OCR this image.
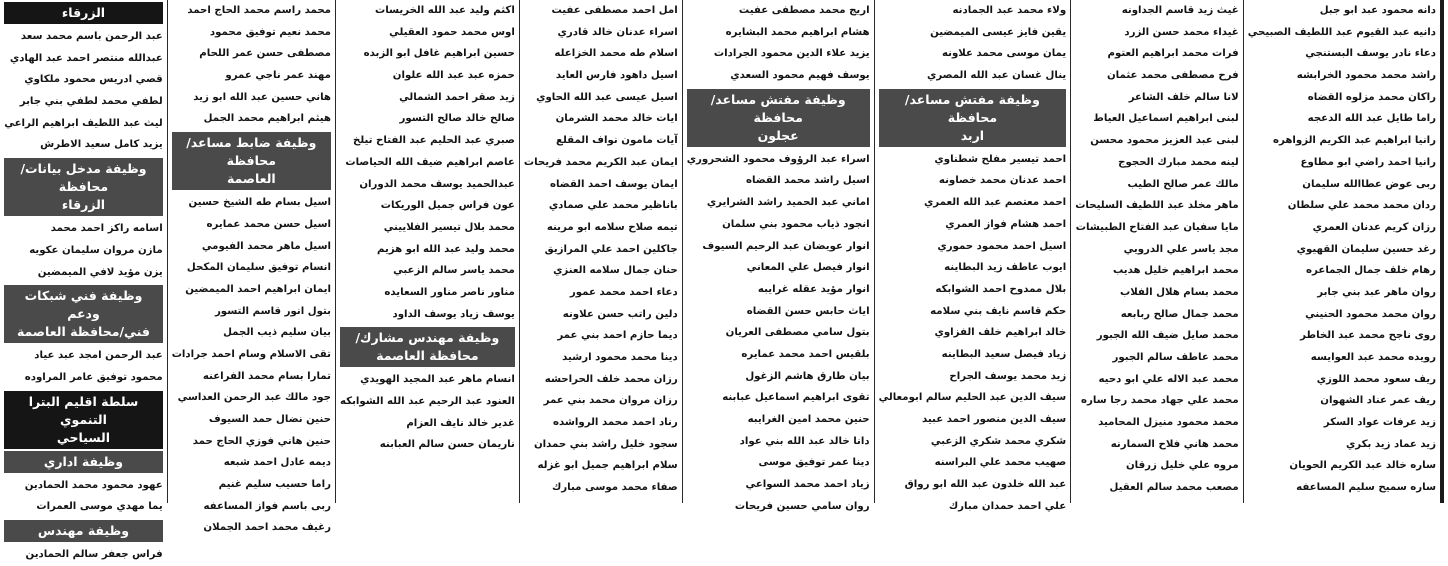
دانه محمود عبد ابو جبل
دانيه عبد القيوم عبد اللطيف الصبيحي
دعاء نادر يوسف البستنجي
راشد محمد محمود الخرابشه
راكان محمد مزلوه القضاه
راما طايل عبد الله الدعجه
رانيا ابراهيم عبد الكريم الزواهره
رانيا احمد راضي ابو مطاوع
ربى عوض عطاالله سليمان
ردان محمد محمد علي سلطان
رزان كريم عدنان العمري
رغد حسين سليمان القهيوي
رهام خلف جمال الجماعره
روان ماهر عبد بني جابر
روان محمد محمود الحنيني
روى ناجح محمد عبد الخاطر
رويده محمد عبد العوايسه
ريف سعود محمد اللوزي
ريف عمر عناد الشهوان
زيد عرفات عواد السكر
زيد عماد زيد بكري
ساره خالد عبد الكريم الحويان
ساره سميح سليم المساعفه
غيث زيد قاسم الجداونه
غيداء محمد حسن الزرد
فرات محمد ابراهيم العتوم
فرح مصطفى محمد عثمان
لانا سالم خلف الشاعر
لبنى ابراهيم اسماعيل العياط
لبنى عبد العزيز محمود محسن
لينه محمد مبارك الحجوج
مالك عمر صالح الطيب
ماهر مخلد عبد اللطيف السليحات
مايا سفيان عبد الفتاح الطبيشات
مجد ياسر علي الدرويي
محمد ابراهيم خليل هديب
محمد بسام هلال الفلاب
محمد جمال صالح ربابعه
محمد صايل ضيف الله الجبور
محمد عاطف سالم الجبور
محمد عبد الاله علي ابو دحيه
محمد علي جهاد محمد رجا ساره
محمد محمود منيزل المحاميد
محمد هاني فلاح السمارنه
مروه علي خليل زرقان
مصعب محمد سالم العقيل
ولاء محمد عبد الجمادنه
يقين فايز عيسى الميمضين
يمان موسى محمد علاونه
ينال غسان عبد الله المصري
وظيفة مفتش مساعد/محافظة
اربد
احمد تيسير مفلح شطناوي
احمد عدنان محمد خصاونه
احمد معتصم عبد الله العمري
احمد هشام فواز العمري
اسيل احمد محمود حموري
ايوب عاطف زيد البطاينه
بلال ممدوح احمد الشوابكه
حكم قاسم نايف بني سلامه
خالد ابراهيم خلف الفزاوي
زياد فيصل سعيد البطاينه
زيد محمد يوسف الجراح
سيف الدين عبد الحليم سالم ابومعالي
سيف الدين منصور احمد عبيد
شكري محمد شكري الزعبي
صهيب محمد علي البراسنه
عبد الله خلدون عبد الله ابو رواق
علي احمد حمدان مبارك
اريج محمد مصطفى عفيت
هشام ابراهيم محمد البشايره
يزيد علاء الدين محمود الجرادات
يوسف فهيم محمود السعدي
وظيفة مفتش مساعد/محافظة
عجلون
اسراء عبد الرؤوف محمود الشحروري
اسيل راشد محمد القضاه
اماني عبد الحميد راشد الشرايري
انجود ذياب محمود بني سلمان
انوار عويضان عبد الرحيم السيوف
انوار فيصل علي المعاني
انوار مؤيد عقله غرايبه
اياث حابس حسن القضاه
بتول سامي مصطفى العريان
بلقيس احمد محمد عمايره
بيان طارق هاشم الزغول
تقوى ابراهيم اسماعيل عبابنه
حنين محمد امين الغرايبه
دانا خالد عبد الله بني عواد
دينا عمر توفيق موسى
زياد احمد محمد السواعي
روان سامي حسين فريحات
امل احمد مصطفى عفيت
اسراء عدنان خالد قادري
اسلام طه محمد الخزاعله
اسيل داهود فارس العايد
اسيل عيسى عبد الله الحاوي
ايات خالد محمد الشرمان
آيات مامون نواف المقلع
ايمان عبد الكريم محمد فريحات
ايمان يوسف احمد القضاه
باناظير محمد علي صمادي
تيمه صلاح سلامه ابو مرينه
جاكلين احمد علي المرازيق
حنان جمال سلامه العنزي
دعاء احمد محمد عمور
دلين راتب حسن علاونه
ديما حازم احمد بني عمر
دينا محمد محمود ارشيد
رزان محمد خلف الحراحشه
رزان مروان محمد بني عمر
رناد احمد محمد الرواشده
سجود خليل راشد بني حمدان
سلام ابراهيم جميل ابو غزله
صفاء محمد موسى مبارك
اكثم وليد عبد الله الخريسات
اوس محمد حمود العقيلي
حسين ابراهيم غافل ابو الزبده
حمزه عبد عبد الله علوان
زيد صقر احمد الشمالي
صالح خالد صالح التسور
صبري عبد الحليم عبد الفتاح تيلخ
عاصم ابراهيم ضيف الله الحياصات
عبدالحميد يوسف محمد الدوران
عون فراس جميل الوريكات
محمد بلال تيسير الفلاييني
محمد وليد عبد الله ابو هزيم
محمد ياسر سالم الزعبي
مناور ناصر مناور السعايده
يوسف زياد يوسف الداود
وظيفة مهندس مشارك/
محافظة العاصمة
انسام ماهر عبد المجيد الهويدي
العنود عبد الرحيم عبد الله الشوابكه
غدير خالد نايف العزام
ناريمان حسن سالم العبابنه
محمد راسم محمد الحاج احمد
محمد نعيم توفيق محمود
مصطفى حسن عمر اللحام
مهند عمر ناجي عمرو
هاني حسين عبد الله ابو زيد
هيثم ابراهيم محمد الجمل
وظيفة ضابط مساعد/محافظة
العاصمة
اسيل بسام طه الشيخ حسين
اسيل حسن محمد عمايره
اسيل ماهر محمد الفيومي
انسام توفيق سليمان المكحل
ايمان ابراهيم احمد الميمضين
بتول انور قاسم التسور
بيان سليم ذيب الجمل
تقى الاسلام وسام احمد جرادات
تمارا بسام محمد الفراعنه
جود مالك عبد الرحمن العداسي
حنين نضال حمد السيوف
حنين هاني فوزي الحاج حمد
ديمه عادل احمد شبعه
راما حسيب سليم غنيم
ربى باسم فواز المساعفه
رغيف محمد احمد الجملان
الزرقاء
عبد الرحمن باسم محمد سعد
عبدالله منتصر احمد عبد الهادي
قصي ادريس محمود ملكاوي
لطفي محمد لطفي بني جابر
ليث عبد اللطيف ابراهيم الراعي
يزيد كامل سعيد الاطرش
وظيفة مدخل بيانات/محافظة
الزرقاء
اسامه راكز احمد محمد
مازن مروان سليمان عكويه
يزن مؤيد لافي الميمضين
وظيفة فني شبكات ودعم
فني/محافظة العاصمة
عبد الرحمن امجد عبد عياد
محمود توفيق عامر المراوده
سلطة اقليم البترا التنموي
السياحي
وظيفة اداري
عهود محمود محمد الحمادين
يما مهدي موسى العمرات
وظيفة مهندس
فراس جعفر سالم الحمادين
